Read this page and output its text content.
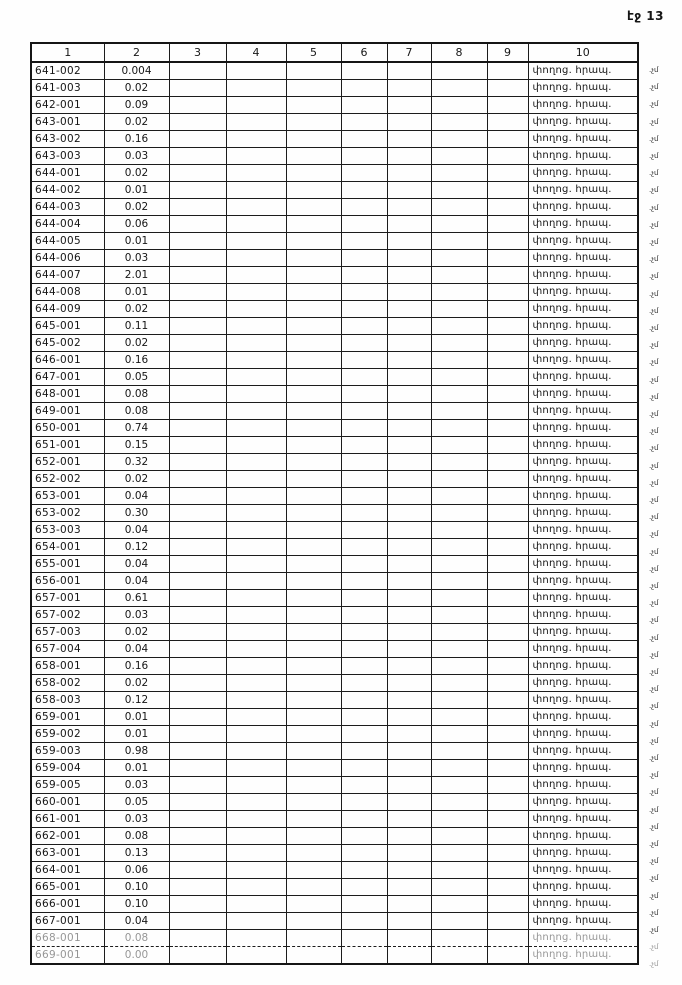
էջ 13
1	2	3	4	5	6	7	8	9	10
641-002	0.004								փողոց. հրապ.
641-003	0.02								փողոց. հրապ.
642-001	0.09								փողոց. հրապ.
643-001	0.02								փողոց. հրապ.
643-002	0.16								փողոց. հրապ.
643-003	0.03								փողոց. հրապ.
644-001	0.02								փողոց. հրապ.
644-002	0.01								փողոց. հրապ.
644-003	0.02								փողոց. հրապ.
644-004	0.06								փողոց. հրապ.
644-005	0.01								փողոց. հրապ.
644-006	0.03								փողոց. հրապ.
644-007	2.01								փողոց. հրապ.
644-008	0.01								փողոց. հրապ.
644-009	0.02								փողոց. հրապ.
645-001	0.11								փողոց. հրապ.
645-002	0.02								փողոց. հրապ.
646-001	0.16								փողոց. հրապ.
647-001	0.05								փողոց. հրապ.
648-001	0.08								փողոց. հրապ.
649-001	0.08								փողոց. հրապ.
650-001	0.74								փողոց. հրապ.
651-001	0.15								փողոց. հրապ.
652-001	0.32								փողոց. հրապ.
652-002	0.02								փողոց. հրապ.
653-001	0.04								փողոց. հրապ.
653-002	0.30								փողոց. հրապ.
653-003	0.04								փողոց. հրապ.
654-001	0.12								փողոց. հրապ.
655-001	0.04								փողոց. հրապ.
656-001	0.04								փողոց. հրապ.
657-001	0.61								փողոց. հրապ.
657-002	0.03								փողոց. հրապ.
657-003	0.02								փողոց. հրապ.
657-004	0.04								փողոց. հրապ.
658-001	0.16								փողոց. հրապ.
658-002	0.02								փողոց. հրապ.
658-003	0.12								փողոց. հրապ.
659-001	0.01								փողոց. հրապ.
659-002	0.01								փողոց. հրապ.
659-003	0.98								փողոց. հրապ.
659-004	0.01								փողոց. հրապ.
659-005	0.03								փողոց. հրապ.
660-001	0.05								փողոց. հրապ.
661-001	0.03								փողոց. հրապ.
662-001	0.08								փողոց. հրապ.
663-001	0.13								փողոց. հրապ.
664-001	0.06								փողոց. հրապ.
665-001	0.10								փողոց. հրապ.
666-001	0.10								փողոց. հրապ.
667-001	0.04								փողոց. հրապ.
668-001	0.08								փողոց. հրապ.
669-001	0.00								փողոց. հրապ.
.չմ
.չմ
.չմ
.չմ
.չմ
.չմ
.չմ
.չմ
.չմ
.չմ
.չմ
.չմ
.չմ
.չմ
.չմ
.չմ
.չմ
.չմ
.չմ
.չմ
.չմ
.չմ
.չմ
.չմ
.չմ
.չմ
.չմ
.չմ
.չմ
.չմ
.չմ
.չմ
.չմ
.չմ
.չմ
.չմ
.չմ
.չմ
.չմ
.չմ
.չմ
.չմ
.չմ
.չմ
.չմ
.չմ
.չմ
.չմ
.չմ
.չմ
.չմ
.չմ
.չմ
